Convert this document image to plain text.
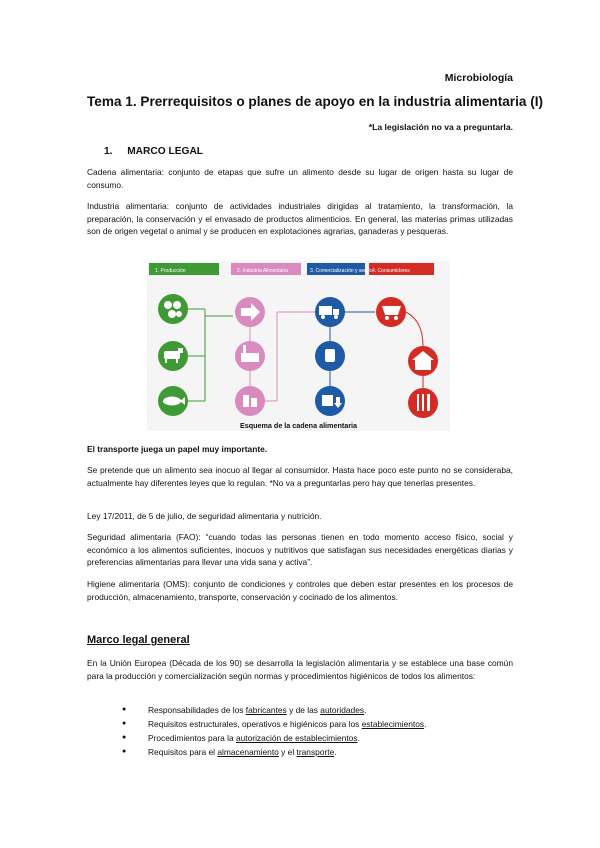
Microbiología
Tema 1. Prerrequisitos o planes de apoyo en la industria alimentaria (I)
*La legislación no va a preguntarla.
1. MARCO LEGAL

Cadena alimentaria: conjunto de etapas que sufre un alimento desde su lugar de origen hasta su lugar de consumo.

Industria alimentaria: conjunto de actividades industriales dirigidas al tratamiento, la transformación, la preparación, la conservación y el envasado de productos alimenticios. En general, las materias primas utilizadas son de origen vegetal o animal y se producen en explotaciones agrarias, ganaderas y pesqueras.

1. Producción	2. Industria Alimentaria	3. Comercialización y servic.
4. Consumidores
Esquema de la cadena alimentaria

El transporte juega un papel muy importante.

Se pretende que un alimento sea inocuo al llegar al consumidor. Hasta hace poco este punto no se consideraba, actualmente hay diferentes leyes que lo regulan. *No va a preguntarlas pero hay que tenerlas presentes.

Ley 17/2011, de 5 de julio, de seguridad alimentaria y nutrición.

Seguridad alimentaria (FAO): “cuando todas las personas tienen en todo momento acceso físico, social y económico a los alimentos suficientes, inocuos y nutritivos que satisfagan sus necesidades energéticas diarias y preferencias alimentarias para llevar una vida sana y activa”.

Higiene alimentaria (OMS): conjunto de condiciones y controles que deben estar presentes en los procesos de producción, almacenamiento, transporte, conservación y cocinado de los alimentos.

Marco legal general

En la Unión Europea (Década de los 90) se desarrolla la legislación alimentaria y se establece una base común para la producción y comercialización según normas y procedimientos higiénicos de todos los alimentos:

● Responsabilidades de los fabricantes y de las autoridades.
● Requisitos estructurales, operativos e higiénicos para los establecimientos.
● Procedimientos para la autorización de establecimientos.
● Requisitos para el almacenamiento y el transporte.
